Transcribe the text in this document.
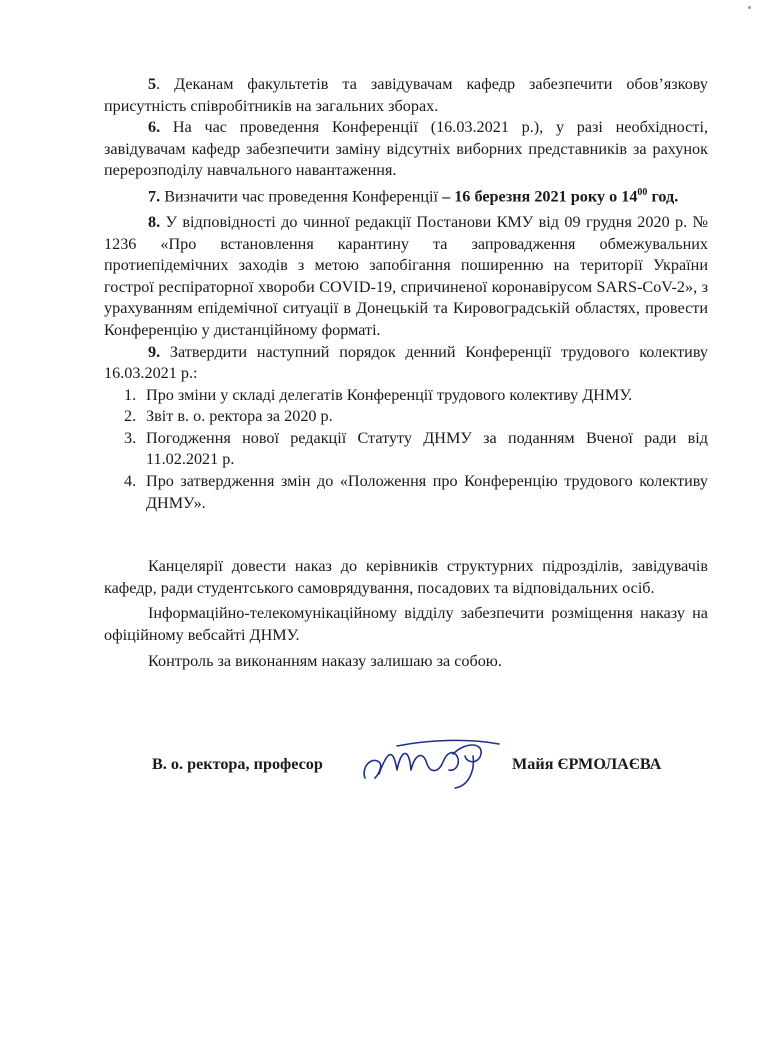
5. Деканам факультетів та завідувачам кафедр забезпечити обов’язкову присутність співробітників на загальних зборах.

6. На час проведення Конференції (16.03.2021 р.), у разі необхідності, завідувачам кафедр забезпечити заміну відсутніх виборних представників за рахунок перерозподілу навчального навантаження.

7. Визначити час проведення Конференції – 16 березня 2021 року о $14^{00}$ год.

8. У відповідності до чинної редакції Постанови КМУ від 09 грудня 2020 р. № 1236 «Про встановлення карантину та запровадження обмежувальних протиепідемічних заходів з метою запобігання поширенню на території України гострої респіраторної хвороби COVID-19, спричиненої коронавірусом SARS-CoV-2», з урахуванням епідемічної ситуації в Донецькій та Кировоградській областях, провести Конференцію у дистанційному форматі.

9. Затвердити наступний порядок денний Конференції трудового колективу 16.03.2021 р.:

1. Про зміни у складі делегатів Конференції трудового колективу ДНМУ.
2. Звіт в. о. ректора за 2020 р.
3. Погодження нової редакції Статуту ДНМУ за поданням Вченої ради від 11.02.2021 р.
4. Про затвердження змін до «Положення про Конференцію трудового колективу ДНМУ».

Канцелярії довести наказ до керівників структурних підрозділів, завідувачів кафедр, ради студентського самоврядування, посадових та відповідальних осіб.

Інформаційно-телекомунікаційному відділу забезпечити розміщення наказу на офіційному вебсайті ДНМУ.

Контроль за виконанням наказу залишаю за собою.

В. о. ректора, професор	Майя ЄРМОЛАЄВА
